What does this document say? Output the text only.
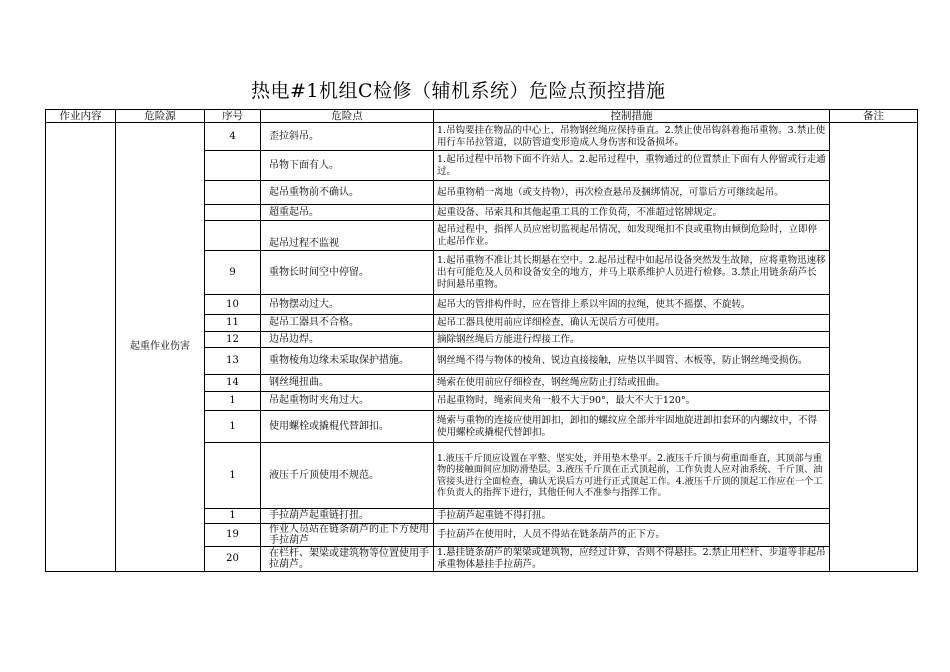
热电#1机组C检修（辅机系统）危险点预控措施
作业内容	危险源	序号	危险点	控制措施	备注
	起重作业伤害	4	歪拉斜吊。	1.吊钩要挂在物品的中心上，吊物钢丝绳应保持垂直。2.禁止使吊钩斜着拖吊重物。3.禁止使用行车吊拉管道，以防管道变形造成人身伤害和设备损坏。	
			吊物下面有人。	1.起吊过程中吊物下面不许站人。2.起吊过程中，重物通过的位置禁止下面有人停留或行走通过。	
			起吊重物前不确认。	起吊重物稍一离地（或支持物），再次检查悬吊及捆绑情况，可靠后方可继续起吊。	
			超重起吊。	起重设备、吊索具和其他起重工具的工作负荷，不准超过铭牌规定。	
			起吊过程不监视	起吊过程中，指挥人员应密切监视起吊情况，如发现绳扣不良或重物由倾倒危险时，立即停止起吊作业。	
		9	重物长时间空中停留。	1.起吊重物不准让其长期悬在空中。2.起吊过程中如起吊设备突然发生故障，应将重物迅速移出有可能危及人员和设备安全的地方，并马上联系维护人员进行检修。3.禁止用链条葫芦长时间悬吊重物。	
		10	吊物摆动过大。	起吊大的管排构件时，应在管排上系以牢固的拉绳，使其不摇摆、不旋转。	
		11	起吊工器具不合格。	起吊工器具使用前应详细检查，确认无误后方可使用。	
		12	边吊边焊。	摘除钢丝绳后方能进行焊接工作。	
		13	重物棱角边缘未采取保护措施。	钢丝绳不得与物体的棱角、锐边直接接触，应垫以半圆管、木板等，防止钢丝绳受损伤。	
		14	钢丝绳扭曲。	绳索在使用前应仔细检查，钢丝绳应防止打结或扭曲。	
		1	吊起重物时夹角过大。	吊起重物时，绳索间夹角一般不大于90°，最大不大于120°。	
		1	使用螺栓或撬棍代替卸扣。	绳索与重物的连接应使用卸扣，卸扣的螺纹应全部并牢固地旋进卸扣套环的内螺纹中，不得使用螺栓或撬棍代替卸扣。	
		1	液压千斤顶使用不规范。	1.液压千斤顶应设置在平整、坚实处，并用垫木垫平。2.液压千斤顶与荷重面垂直，其顶部与重物的接触面间应加防滑垫层。3.液压千斤顶在正式顶起前，工作负责人应对油系统、千斤顶、油管接头进行全面检查，确认无误后方可进行正式顶起工作。4.液压千斤顶的顶起工作应在一个工作负责人的指挥下进行，其他任何人不准参与指挥工作。	
		1	手拉葫芦起重链打扭。	手拉葫芦起重链不得打扭。	
		19	作业人员站在链条葫芦的正下方使用手拉葫芦	手拉葫芦在使用时，人员不得站在链条葫芦的正下方。	
		20	在栏杆、架梁或建筑物等位置使用手拉葫芦。	1.悬挂链条葫芦的架梁或建筑物，应经过计算，否则不得悬挂。2.禁止用栏杆、步道等非起吊承重物体悬挂手拉葫芦。	
